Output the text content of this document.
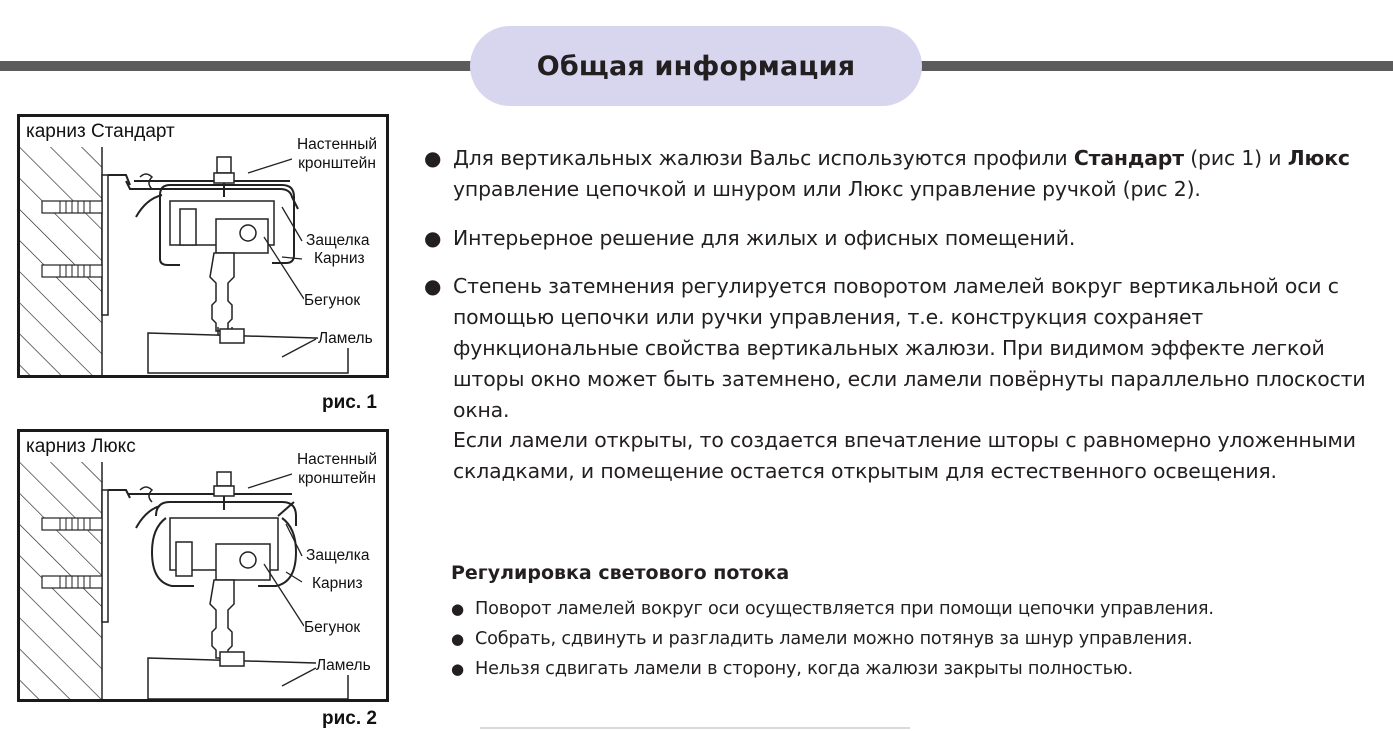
Общая информация
карниз Стандарт
Настенный
кронштейн
Защелка
Карниз
Бегунок
Ламель
рис. 1
карниз Люкс
Настенный
кронштейн
Защелка
Карниз
Бегунок
Ламель
рис. 2
● Для вертикальных жалюзи Вальс используются профили Стандарт (рис 1) и Люкс управление цепочкой и шнуром или Люкс управление ручкой (рис 2).
● Интерьерное решение для жилых и офисных помещений.
● Степень затемнения регулируется поворотом ламелей вокруг вертикальной оси с помощью цепочки или ручки управления, т.е. конструкция сохраняет функциональные свойства вертикальных жалюзи. При видимом эффекте легкой шторы окно может быть затемнено, если ламели повёрнуты параллельно плоскости окна.
Если ламели открыты, то создается впечатление шторы с равномерно уложенными складками, и помещение остается открытым для естественного освещения.
Регулировка светового потока
● Поворот ламелей вокруг оси осуществляется при помощи цепочки управления.
● Собрать, сдвинуть и разгладить ламели можно потянув за шнур управления.
● Нельзя сдвигать ламели в сторону, когда жалюзи закрыты полностью.
